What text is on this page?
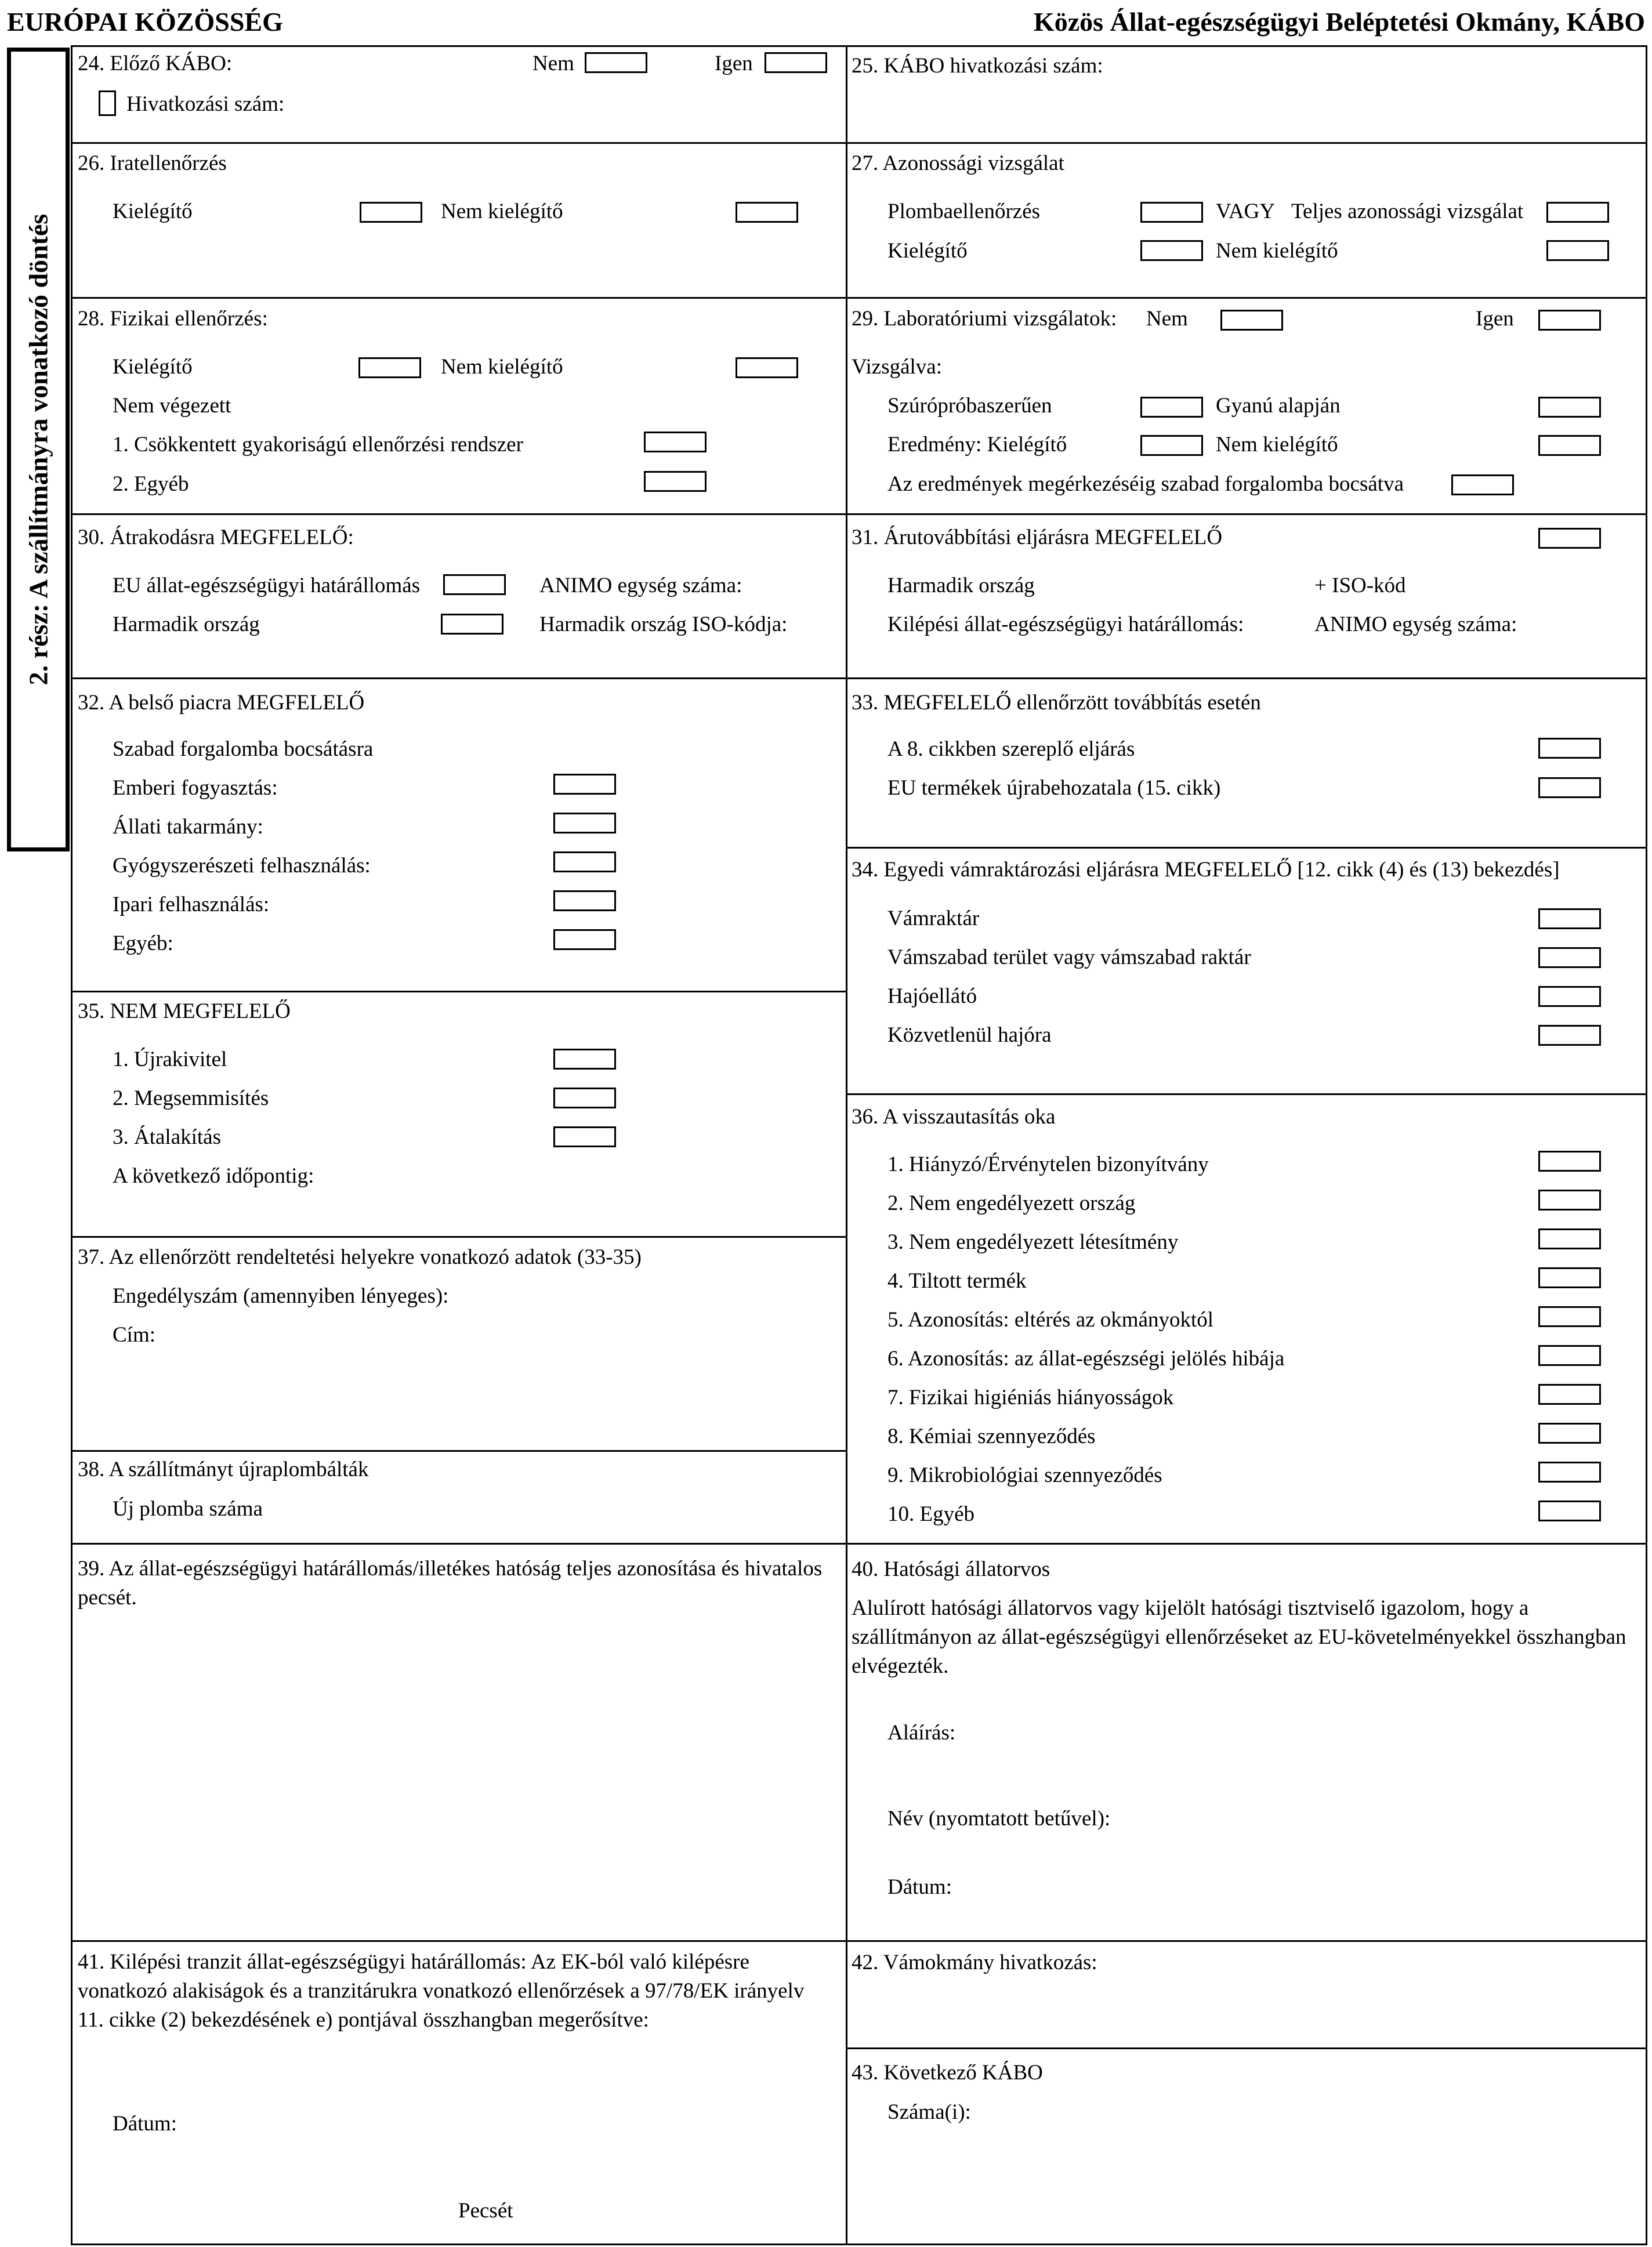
EURÓPAI KÖZÖSSÉG	Közös Állat-egészségügyi Beléptetési Okmány, KÁBO
2. rész: A szállítmányra vonatkozó döntés
24. Előző KÁBO:	Nem	Igen
Hivatkozási szám:
25. KÁBO hivatkozási szám:
26. Iratellenőrzés
Kielégítő	Nem kielégítő
27. Azonossági vizsgálat
Plombaellenőrzés	VAGY Teljes azonossági vizsgálat
Kielégítő	Nem kielégítő
28. Fizikai ellenőrzés:
Kielégítő	Nem kielégítő
Nem végezett
1. Csökkentett gyakoriságú ellenőrzési rendszer
2. Egyéb
29. Laboratóriumi vizsgálatok: Nem	Igen
Vizsgálva:
Szúrópróbaszerűen	Gyanú alapján
Eredmény: Kielégítő	Nem kielégítő
Az eredmények megérkezéséig szabad forgalomba bocsátva
30. Átrakodásra MEGFELELŐ:
EU állat-egészségügyi határállomás	ANIMO egység száma:
Harmadik ország	Harmadik ország ISO-kódja:
31. Árutovábbítási eljárásra MEGFELELŐ
Harmadik ország	+ ISO-kód
Kilépési állat-egészségügyi határállomás:	ANIMO egység száma:
32. A belső piacra MEGFELELŐ
Szabad forgalomba bocsátásra
Emberi fogyasztás:
Állati takarmány:
Gyógyszerészeti felhasználás:
Ipari felhasználás:
Egyéb:
33. MEGFELELŐ ellenőrzött továbbítás esetén
A 8. cikkben szereplő eljárás
EU termékek újrabehozatala (15. cikk)
34. Egyedi vámraktározási eljárásra MEGFELELŐ [12. cikk (4) és (13) bekezdés]
Vámraktár
Vámszabad terület vagy vámszabad raktár
Hajóellátó
Közvetlenül hajóra
35. NEM MEGFELELŐ
1. Újrakivitel
2. Megsemmisítés
3. Átalakítás
A következő időpontig:
36. A visszautasítás oka
1. Hiányzó/Érvénytelen bizonyítvány
2. Nem engedélyezett ország
3. Nem engedélyezett létesítmény
4. Tiltott termék
5. Azonosítás: eltérés az okmányoktól
6. Azonosítás: az állat-egészségi jelölés hibája
7. Fizikai higiéniás hiányosságok
8. Kémiai szennyeződés
9. Mikrobiológiai szennyeződés
10. Egyéb
37. Az ellenőrzött rendeltetési helyekre vonatkozó adatok (33-35)
Engedélyszám (amennyiben lényeges):
Cím:
38. A szállítmányt újraplombálták
Új plomba száma
39. Az állat-egészségügyi határállomás/illetékes hatóság teljes azonosítása és hivatalos pecsét.
40. Hatósági állatorvos
Alulírott hatósági állatorvos vagy kijelölt hatósági tisztviselő igazolom, hogy a szállítmányon az állat-egészségügyi ellenőrzéseket az EU-követelményekkel összhangban elvégezték.
Aláírás:
Név (nyomtatott betűvel):
Dátum:
41. Kilépési tranzit állat-egészségügyi határállomás: Az EK-ból való kilépésre vonatkozó alakiságok és a tranzitárukra vonatkozó ellenőrzések a 97/78/EK irányelv 11. cikke (2) bekezdésének e) pontjával összhangban megerősítve:
Dátum:
Pecsét
42. Vámokmány hivatkozás:
43. Következő KÁBO
Száma(i):
